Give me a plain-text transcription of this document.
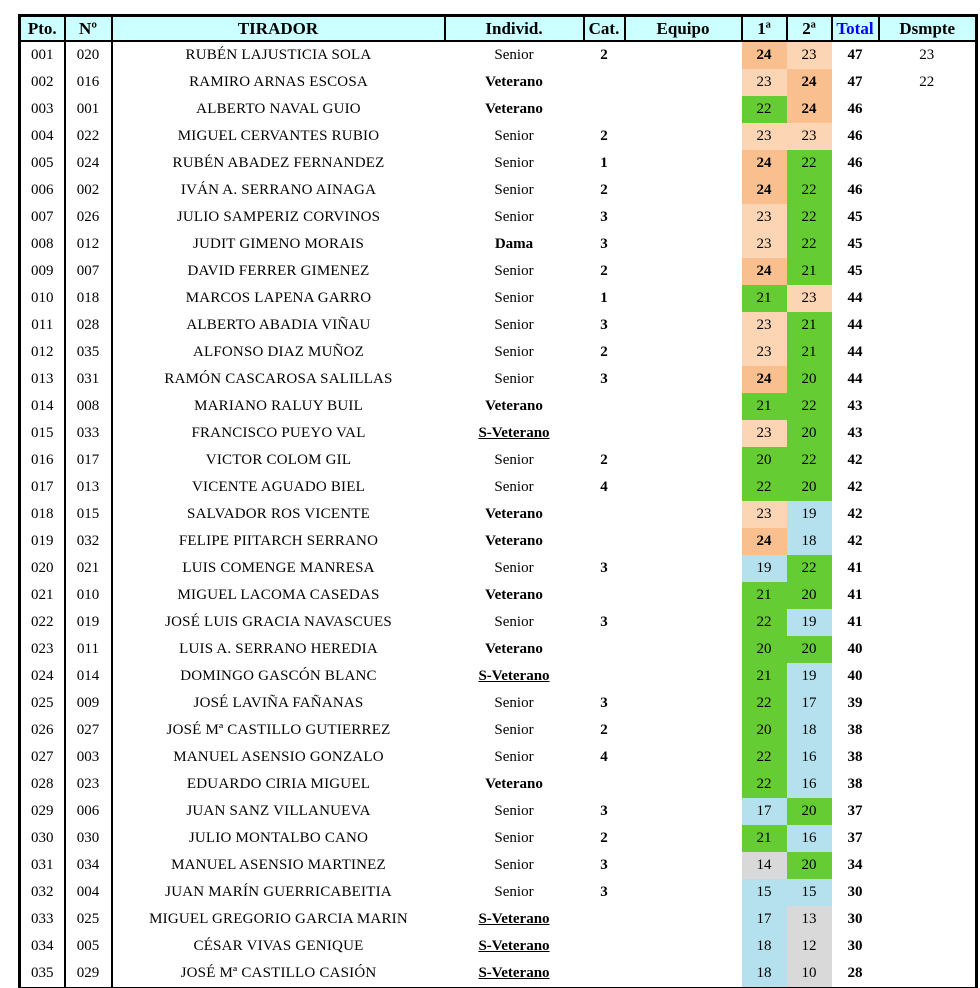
Pto.	Nº	TIRADOR	Individ.	Cat.	Equipo	1ª	2ª	Total	Dsmpte
001	020	RUBÉN LAJUSTICIA SOLA	Senior	2		24	23	47	23
002	016	RAMIRO ARNAS ESCOSA	Veterano			23	24	47	22
003	001	ALBERTO NAVAL GUIO	Veterano			22	24	46	
004	022	MIGUEL CERVANTES RUBIO	Senior	2		23	23	46	
005	024	RUBÉN ABADEZ FERNANDEZ	Senior	1		24	22	46	
006	002	IVÁN A. SERRANO AINAGA	Senior	2		24	22	46	
007	026	JULIO SAMPERIZ CORVINOS	Senior	3		23	22	45	
008	012	JUDIT GIMENO MORAIS	Dama	3		23	22	45	
009	007	DAVID FERRER GIMENEZ	Senior	2		24	21	45	
010	018	MARCOS LAPENA GARRO	Senior	1		21	23	44	
011	028	ALBERTO ABADIA VIÑAU	Senior	3		23	21	44	
012	035	ALFONSO DIAZ MUÑOZ	Senior	2		23	21	44	
013	031	RAMÓN CASCAROSA SALILLAS	Senior	3		24	20	44	
014	008	MARIANO RALUY BUIL	Veterano			21	22	43	
015	033	FRANCISCO PUEYO VAL	S-Veterano			23	20	43	
016	017	VICTOR COLOM GIL	Senior	2		20	22	42	
017	013	VICENTE AGUADO BIEL	Senior	4		22	20	42	
018	015	SALVADOR ROS VICENTE	Veterano			23	19	42	
019	032	FELIPE PIITARCH SERRANO	Veterano			24	18	42	
020	021	LUIS COMENGE MANRESA	Senior	3		19	22	41	
021	010	MIGUEL LACOMA CASEDAS	Veterano			21	20	41	
022	019	JOSÉ LUIS GRACIA NAVASCUES	Senior	3		22	19	41	
023	011	LUIS A. SERRANO HEREDIA	Veterano			20	20	40	
024	014	DOMINGO GASCÓN BLANC	S-Veterano			21	19	40	
025	009	JOSÉ LAVIÑA FAÑANAS	Senior	3		22	17	39	
026	027	JOSÉ Mª CASTILLO GUTIERREZ	Senior	2		20	18	38	
027	003	MANUEL ASENSIO GONZALO	Senior	4		22	16	38	
028	023	EDUARDO CIRIA MIGUEL	Veterano			22	16	38	
029	006	JUAN SANZ VILLANUEVA	Senior	3		17	20	37	
030	030	JULIO MONTALBO CANO	Senior	2		21	16	37	
031	034	MANUEL ASENSIO MARTINEZ	Senior	3		14	20	34	
032	004	JUAN MARÍN GUERRICABEITIA	Senior	3		15	15	30	
033	025	MIGUEL GREGORIO GARCIA MARIN	S-Veterano			17	13	30	
034	005	CÉSAR VIVAS GENIQUE	S-Veterano			18	12	30	
035	029	JOSÉ Mª CASTILLO CASIÓN	S-Veterano			18	10	28	
